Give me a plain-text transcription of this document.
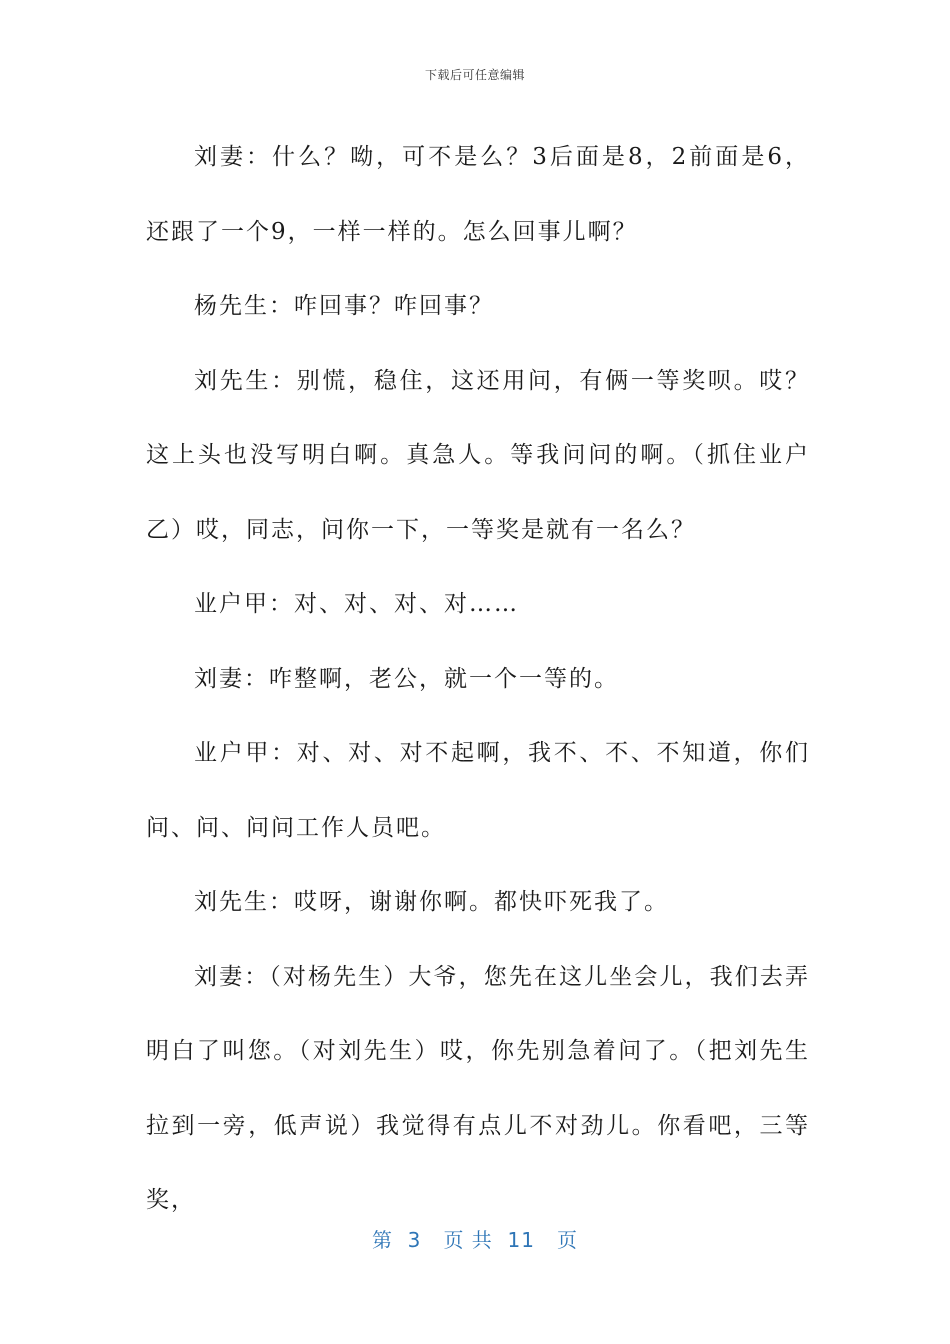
下载后可任意编辑

刘妻：什么？呦，可不是么？3后面是8，2前面是6，还跟了一个9，一样一样的。怎么回事儿啊？

杨先生：咋回事？咋回事？

刘先生：别慌，稳住，这还用问，有俩一等奖呗。哎？这上头也没写明白啊。真急人。等我问问的啊。（抓住业户乙）哎，同志，问你一下，一等奖是就有一名么？

业户甲：对、对、对、对……

刘妻：咋整啊，老公，就一个一等的。

业户甲：对、对、对不起啊，我不、不、不知道，你们问、问、问问工作人员吧。

刘先生：哎呀，谢谢你啊。都快吓死我了。

刘妻：（对杨先生）大爷，您先在这儿坐会儿，我们去弄明白了叫您。（对刘先生）哎，你先别急着问了。（把刘先生拉到一旁，低声说）我觉得有点儿不对劲儿。你看吧，三等奖，

第  3   页 共  11   页
